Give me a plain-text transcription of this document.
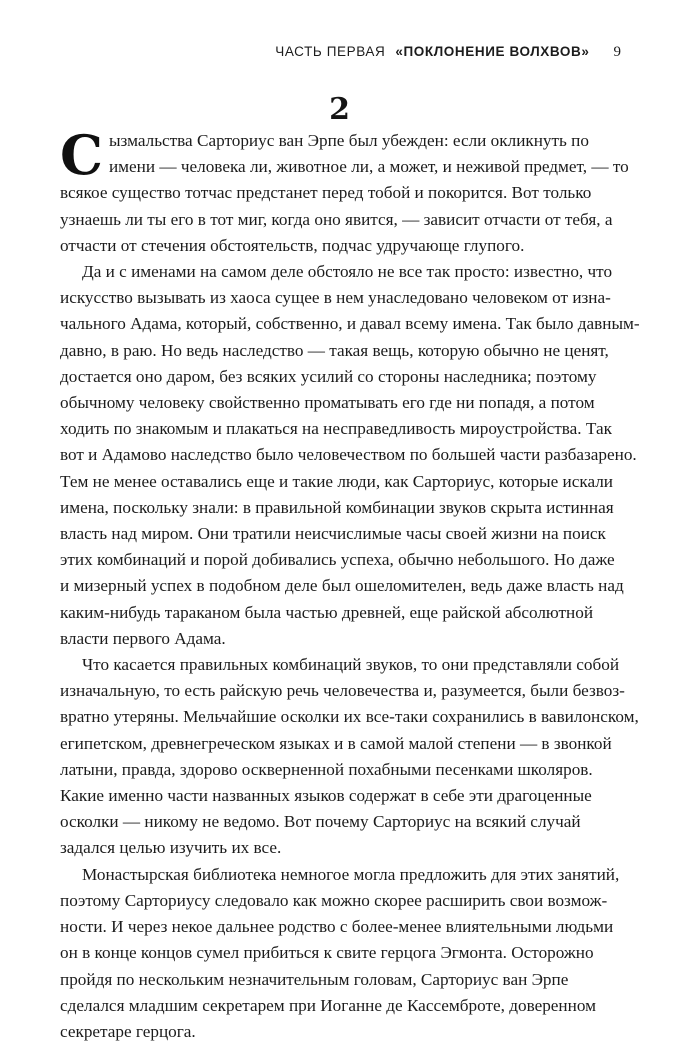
ЧАСТЬ ПЕРВАЯ «ПОКЛОНЕНИЕ ВОЛХВОВ» 9
2
С ызмальства Сарториус ван Эрпе был убежден: если окликнуть по
имени — человека ли, животное ли, а может, и неживой предмет, — то
всякое существо тотчас предстанет перед тобой и покорится. Вот только
узнаешь ли ты его в тот миг, когда оно явится, — зависит отчасти от тебя, а
отчасти от стечения обстоятельств, подчас удручающе глупого.
Да и с именами на самом деле обстояло не все так просто: известно, что
искусство вызывать из хаоса сущее в нем унаследовано человеком от изна-
чального Адама, который, собственно, и давал всему имена. Так было давным-
давно, в раю. Но ведь наследство — такая вещь, которую обычно не ценят,
достается оно даром, без всяких усилий со стороны наследника; поэтому
обычному человеку свойственно проматывать его где ни попадя, а потом
ходить по знакомым и плакаться на несправедливость мироустройства. Так
вот и Адамово наследство было человечеством по большей части разбазарено.
Тем не менее оставались еще и такие люди, как Сарториус, которые искали
имена, поскольку знали: в правильной комбинации звуков скрыта истинная
власть над миром. Они тратили неисчислимые часы своей жизни на поиск
этих комбинаций и порой добивались успеха, обычно небольшого. Но даже
и мизерный успех в подобном деле был ошеломителен, ведь даже власть над
каким-нибудь тараканом была частью древней, еще райской абсолютной
власти первого Адама.
Что касается правильных комбинаций звуков, то они представляли собой
изначальную, то есть райскую речь человечества и, разумеется, были безвоз-
вратно утеряны. Мельчайшие осколки их все-таки сохранились в вавилонском,
египетском, древнегреческом языках и в самой малой степени — в звонкой
латыни, правда, здорово оскверненной похабными песенками школяров.
Какие именно части названных языков содержат в себе эти драгоценные
осколки — никому не ведомо. Вот почему Сарториус на всякий случай
задался целью изучить их все.
Монастырская библиотека немногое могла предложить для этих занятий,
поэтому Сарториусу следовало как можно скорее расширить свои возмож-
ности. И через некое дальнее родство с более-менее влиятельными людьми
он в конце концов сумел прибиться к свите герцога Эгмонта. Осторожно
пройдя по нескольким незначительным головам, Сарториус ван Эрпе
сделался младшим секретарем при Иоганне де Кассемброте, доверенном
секретаре герцога.
